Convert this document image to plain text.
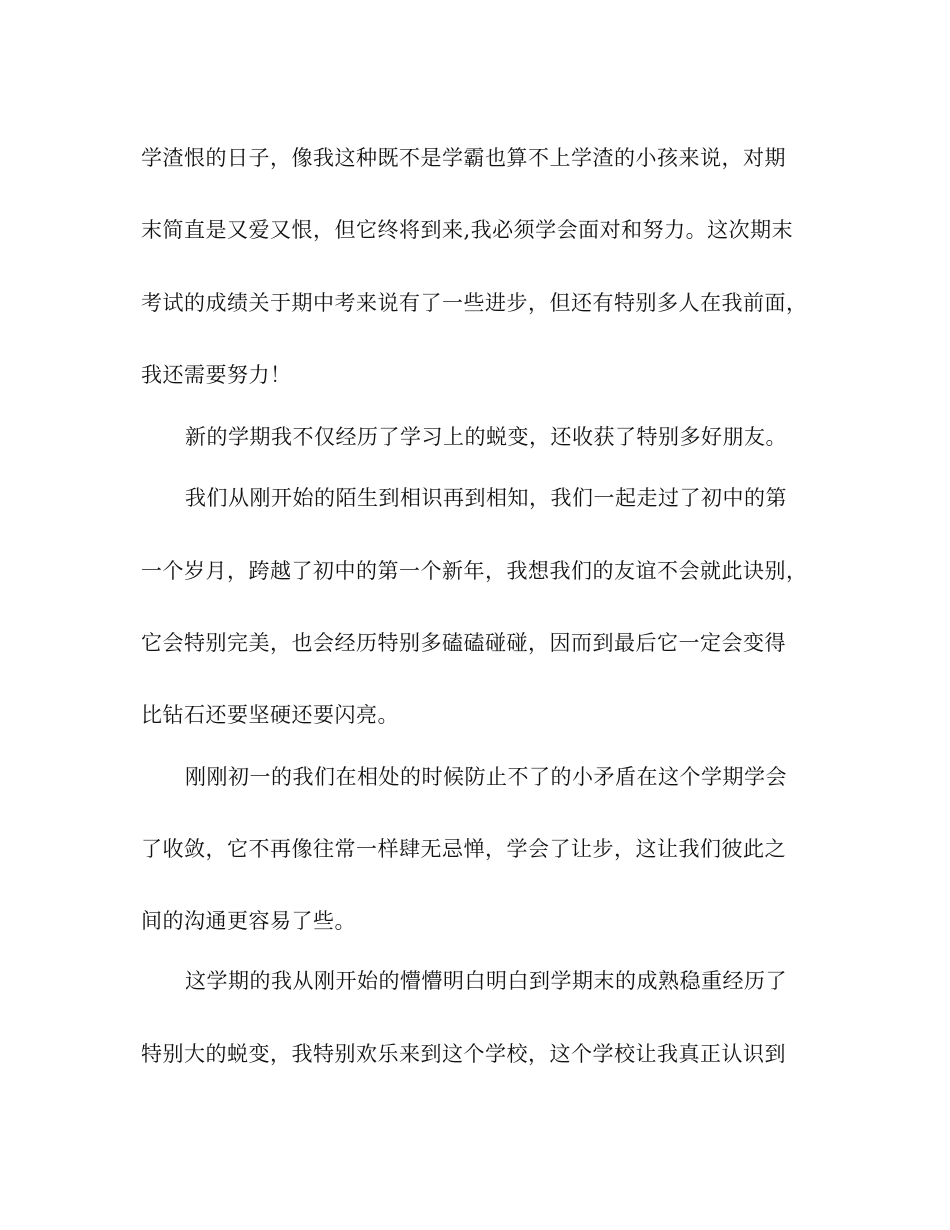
学渣恨的日子，像我这种既不是学霸也算不上学渣的小孩来说，对期
末简直是又爱又恨，但它终将到来,我必须学会面对和努力。这次期末
考试的成绩关于期中考来说有了一些进步，但还有特别多人在我前面，
我还需要努力！
新的学期我不仅经历了学习上的蜕变，还收获了特别多好朋友。
我们从刚开始的陌生到相识再到相知，我们一起走过了初中的第
一个岁月，跨越了初中的第一个新年，我想我们的友谊不会就此诀别，
它会特别完美，也会经历特别多磕磕碰碰，因而到最后它一定会变得
比钻石还要坚硬还要闪亮。
刚刚初一的我们在相处的时候防止不了的小矛盾在这个学期学会
了收敛，它不再像往常一样肆无忌惮，学会了让步，这让我们彼此之
间的沟通更容易了些。
这学期的我从刚开始的懵懵明白明白到学期末的成熟稳重经历了
特别大的蜕变，我特别欢乐来到这个学校，这个学校让我真正认识到
